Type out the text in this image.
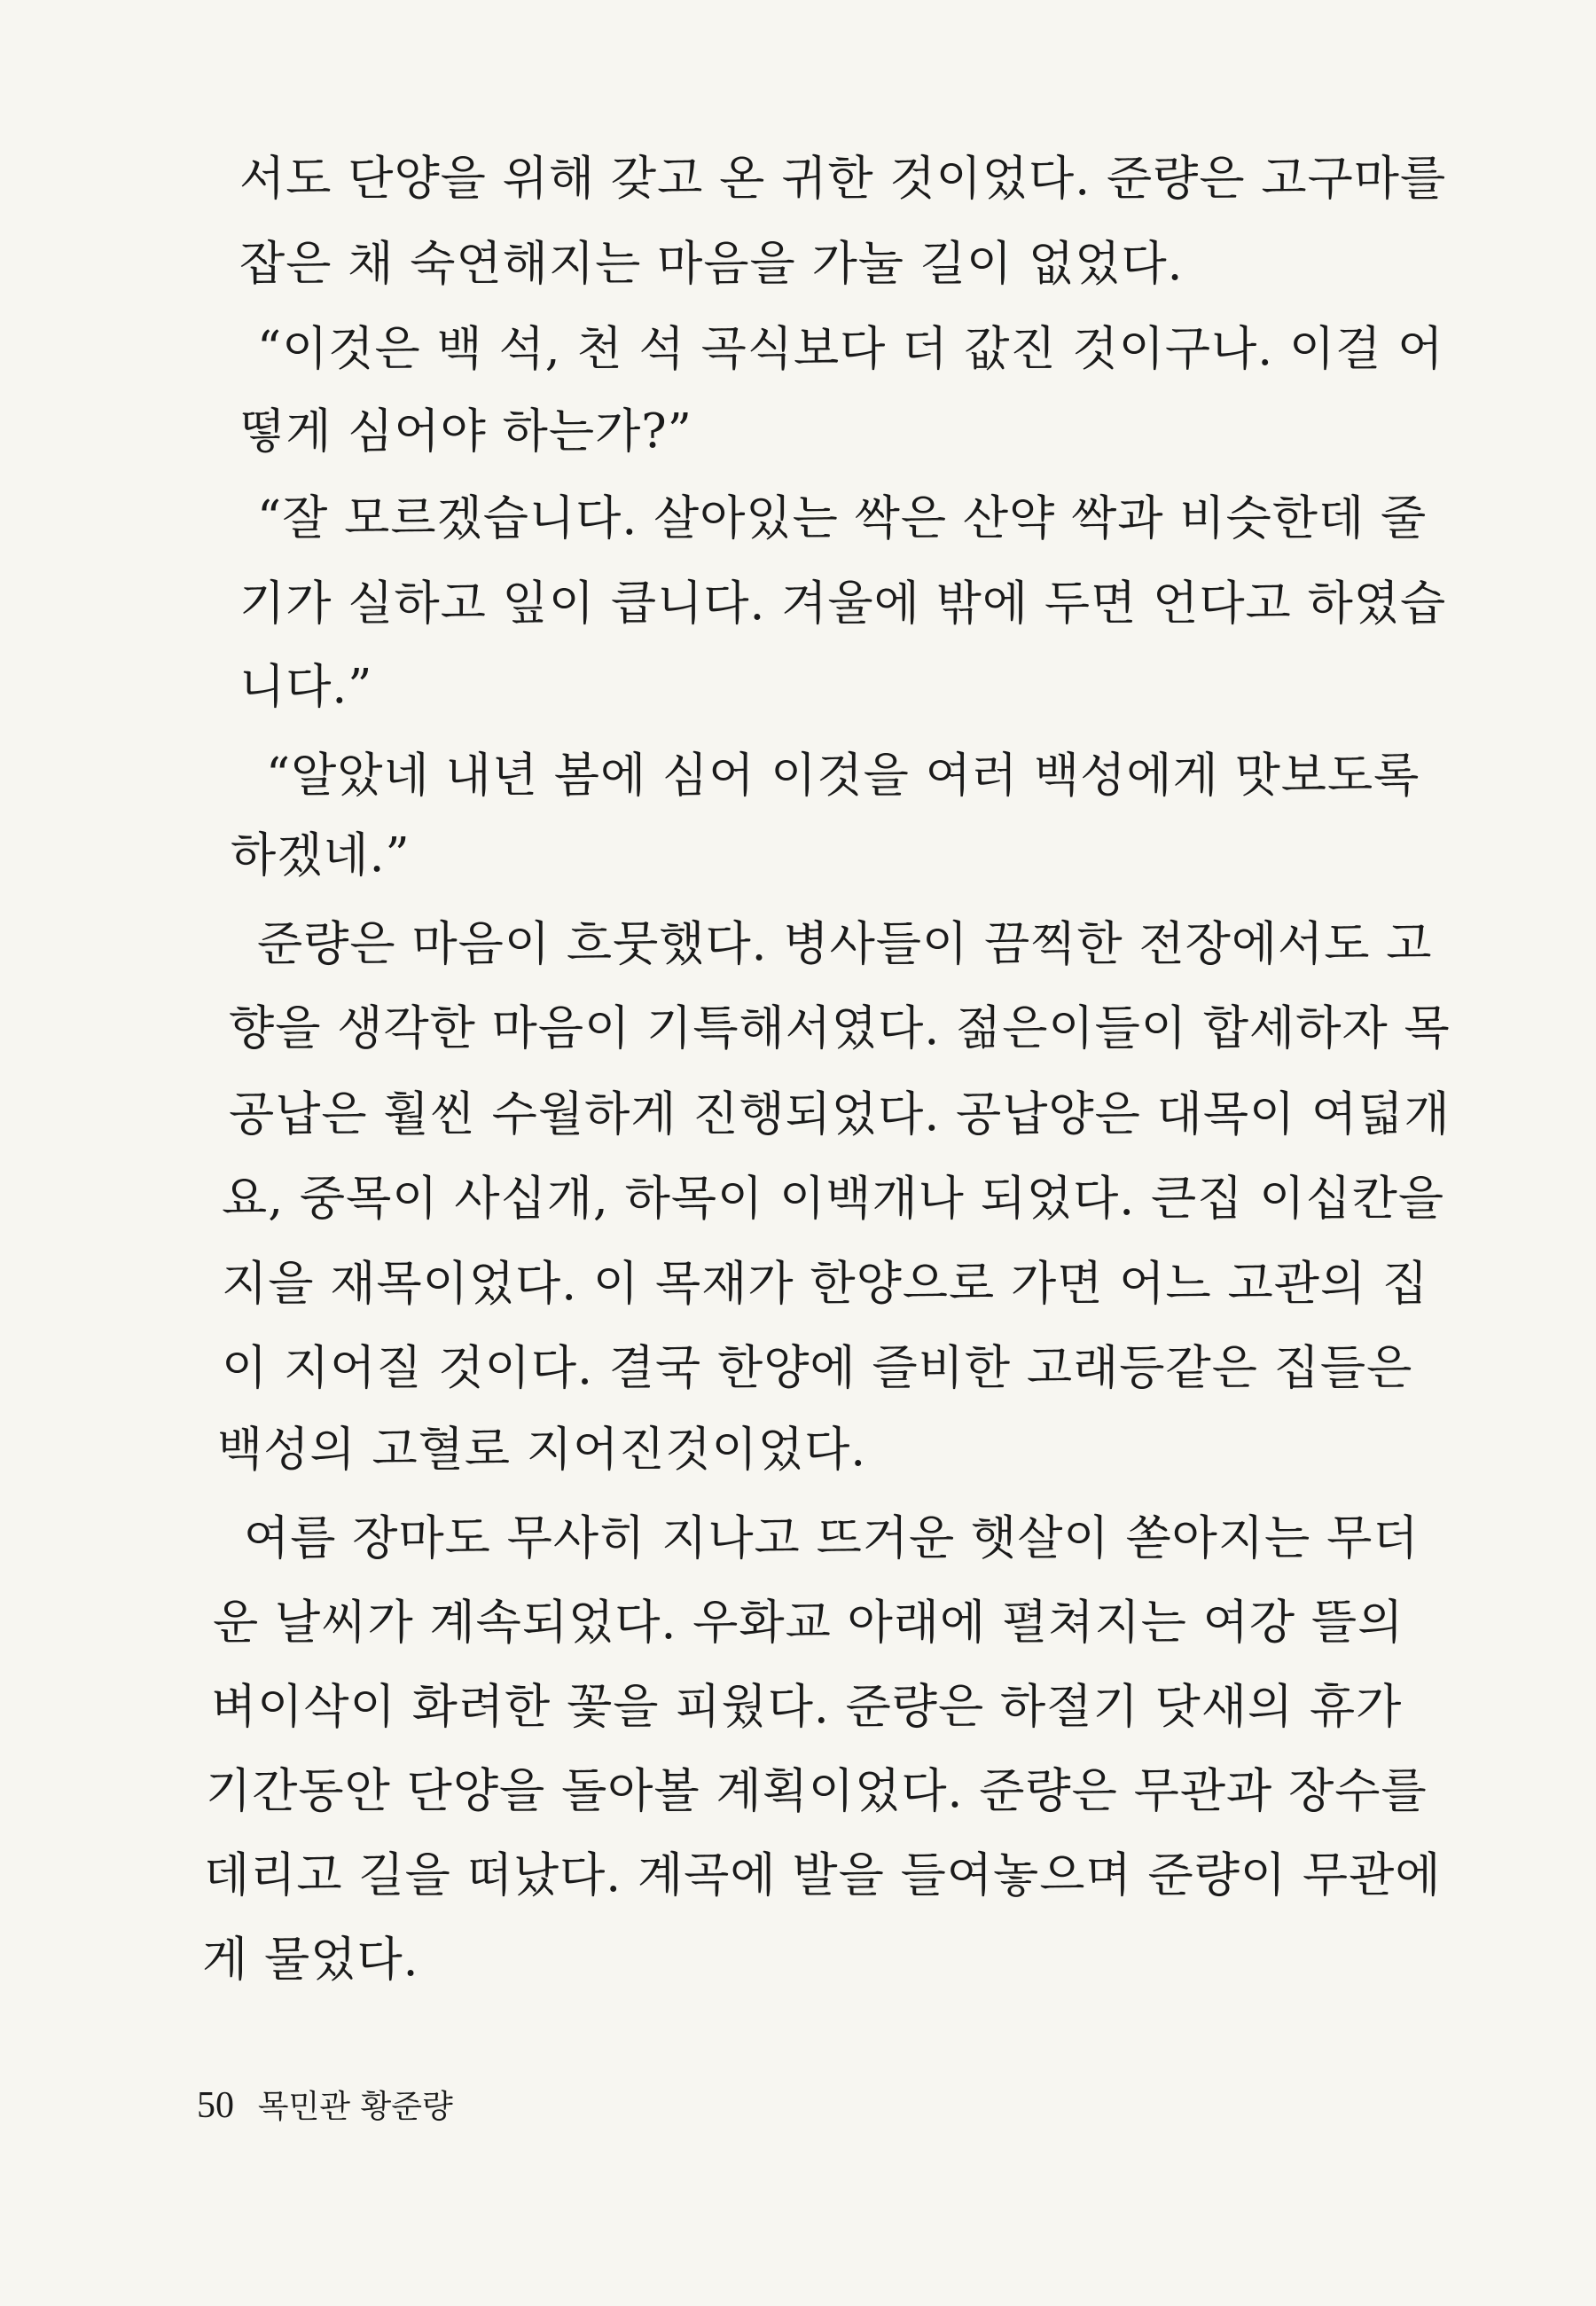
서도 단양을 위해 갖고 온 귀한 것이었다. 준량은 고구마를
잡은 채 숙연해지는 마음을 가눌 길이 없었다.
“이것은 백 석, 천 석 곡식보다 더 값진 것이구나. 이걸 어
떻게 심어야 하는가?”
“잘 모르겠습니다. 살아있는 싹은 산약 싹과 비슷한데 줄
기가 실하고 잎이 큽니다. 겨울에 밖에 두면 언다고 하였습
니다.”
“알았네 내년 봄에 심어 이것을 여러 백성에게 맛보도록
하겠네.”
준량은 마음이 흐뭇했다. 병사들이 끔찍한 전장에서도 고
향을 생각한 마음이 기특해서였다. 젊은이들이 합세하자 목
공납은 훨씬 수월하게 진행되었다. 공납양은 대목이 여덟개
요, 중목이 사십개, 하목이 이백개나 되었다. 큰집 이십칸을
지을 재목이었다. 이 목재가 한양으로 가면 어느 고관의 집
이 지어질 것이다. 결국 한양에 즐비한 고래등같은 집들은
백성의 고혈로 지어진것이었다.
여름 장마도 무사히 지나고 뜨거운 햇살이 쏟아지는 무더
운 날씨가 계속되었다. 우화교 아래에 펼쳐지는 여강 뜰의
벼이삭이 화려한 꽃을 피웠다. 준량은 하절기 닷새의 휴가
기간동안 단양을 돌아볼 계획이었다. 준량은 무관과 장수를
데리고 길을 떠났다. 계곡에 발을 들여놓으며 준량이 무관에
게 물었다.
50 목민관 황준량
